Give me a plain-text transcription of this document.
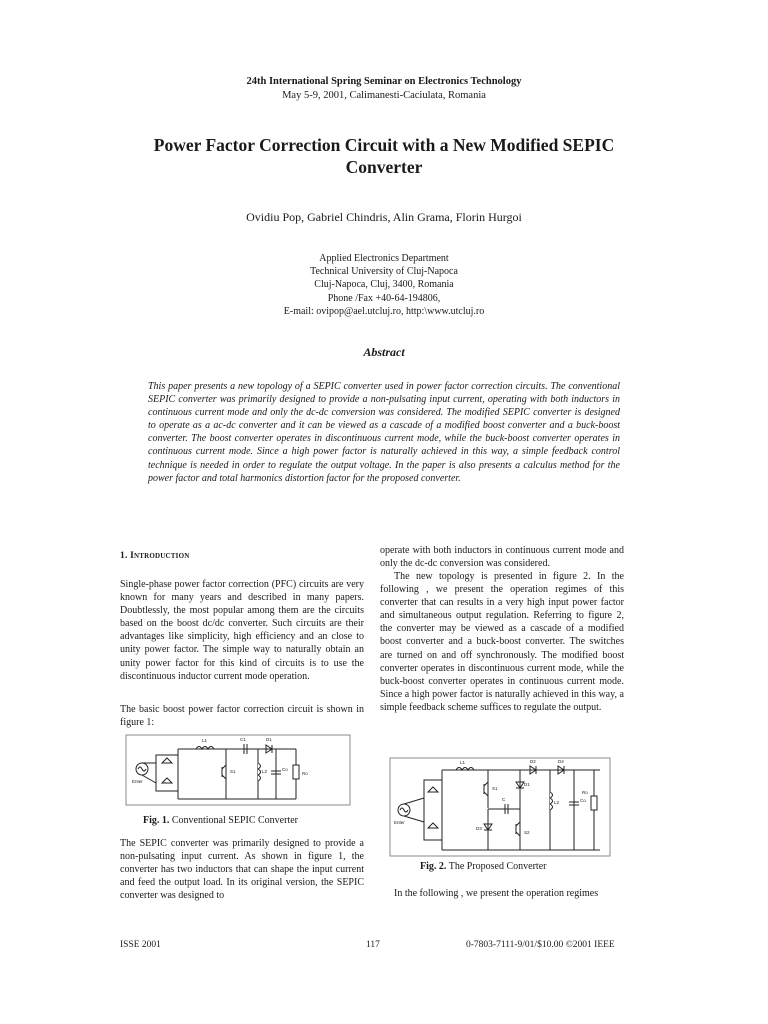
24th International Spring Seminar on Electronics Technology
May 5-9, 2001, Calimanesti-Caciulata, Romania
Power Factor Correction Circuit with a New Modified SEPIC
Converter
Ovidiu Pop, Gabriel Chindris, Alin Grama, Florin Hurgoi
Applied Electronics Department
Technical University of Cluj-Napoca
Cluj-Napoca, Cluj, 3400, Romania
Phone /Fax +40-64-194806,
E-mail: ovipop@ael.utcluj.ro, http:\www.utcluj.ro
Abstract
This paper presents a new topology of a SEPIC converter used in power factor correction circuits. The conventional SEPIC converter was primarily designed to provide a non-pulsating input current, operating with both inductors in continuous current mode and only the dc-dc conversion was considered. The modified SEPIC converter is designed to operate as a ac-dc converter and it can be viewed as a cascade of a modified boost converter and a buck-boost converter. The boost converter operates in discontinuous current mode, while the buck-boost converter operates in continuous current mode. Since a high power factor is naturally achieved in this way, a simple feedback control technique is needed in order to regulate the output voltage. In the paper is also presents a calculus method for the power factor and total harmonics distortion factor for the proposed converter.
1. Introduction
Single-phase power factor correction (PFC) circuits are very known for many years and described in many papers. Doubtlessly, the most popular among them are the circuits based on the boost dc/dc converter. Such circuits are their advantages like simplicity, high efficiency and an close to unity power factor. The simple way to naturally obtain an unity power factor for this kind of circuits is to use the discontinuous inductor current mode operation.
The basic boost power factor correction circuit is shown in figure 1:
Enter
L1	C1	D1
S1	L2	Co
Ro
Fig. 1. Conventional SEPIC Converter
The SEPIC converter was primarily designed to provide a non-pulsating input current. As shown in figure 1, the converter has two inductors that can shape the input current and feed the output load. In its original version, the SEPIC converter was designed to
operate with both inductors in continuous current mode and only the dc-dc conversion was considered.
The new topology is presented in figure 2. In the following , we present the operation regimes of this converter that can results in a very high input power factor and simultaneous output regulation. Referring to figure 2, the converter may be viewed as a cascade of a modified boost converter and a buck-boost converter. The switches are turned on and off synchronously. The modified boost converter operates in discontinuous current mode, while the buck-boost converter operates in continuous current mode. Since a high power factor is naturally achieved in this way, a simple feedback scheme suffices to regulate the output.
Enter
L1	D2	D4
S1
C
D1
D3
S2
L2	Co
Ro
Fig. 2. The Proposed Converter
In the following , we present the operation regimes
ISSE 2001	117	0-7803-7111-9/01/$10.00 ©2001 IEEE
